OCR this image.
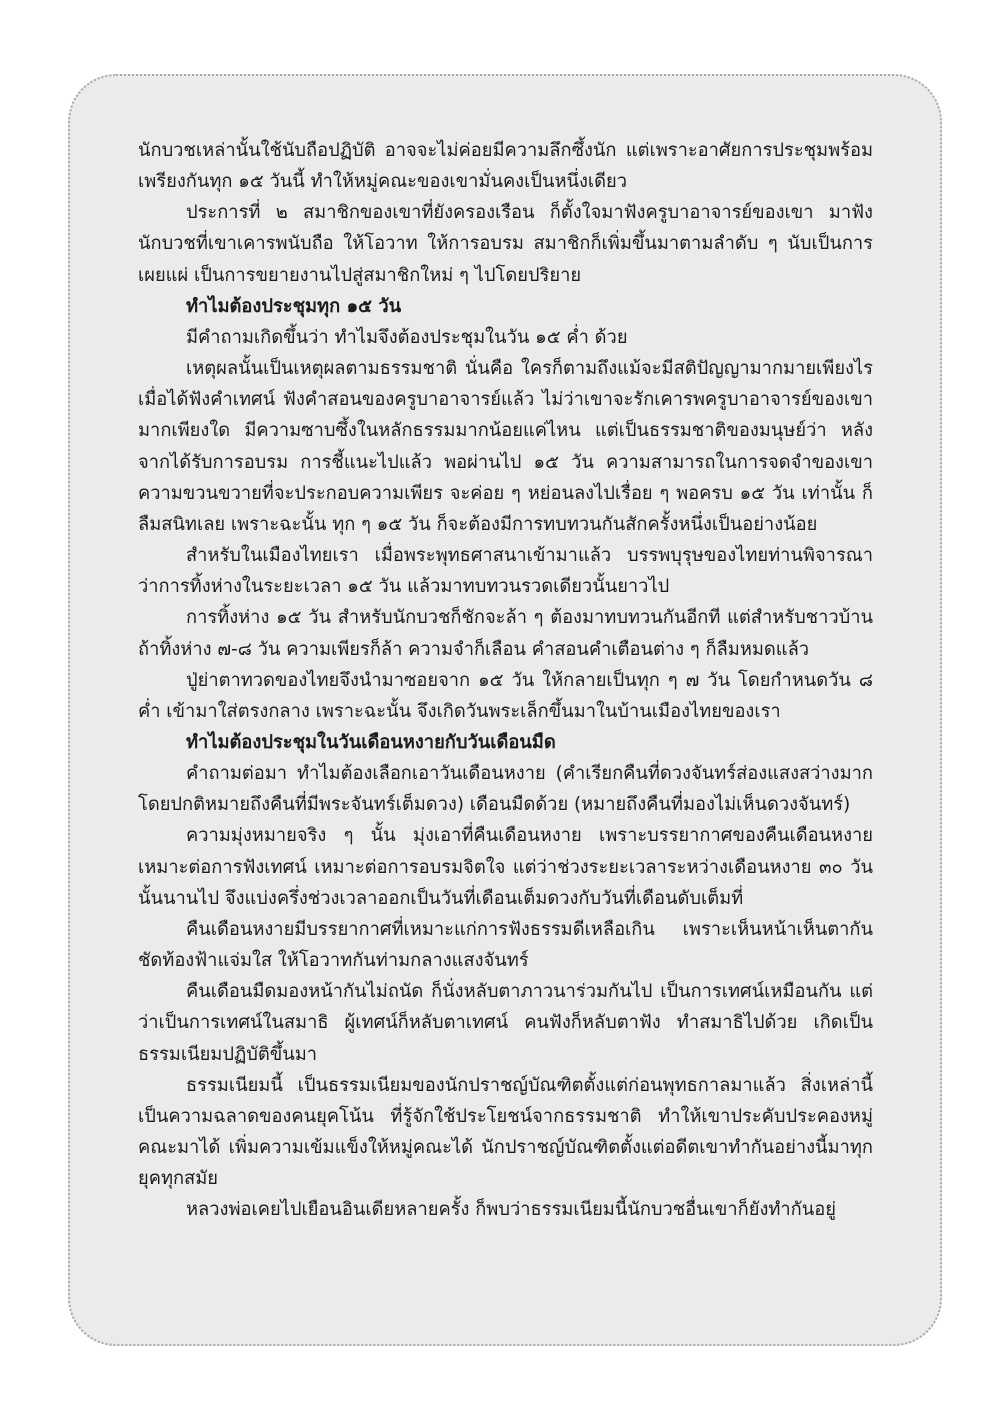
นักบวชเหล่านั้นใช้นับถือปฏิบัติ อาจจะไม่ค่อยมีความลึกซึ้งนัก แต่เพราะอาศัยการประชุมพร้อมเพรียงกันทุก ๑๕ วันนี้ ทำให้หมู่คณะของเขามั่นคงเป็นหนึ่งเดียว

ประการที่ ๒ สมาชิกของเขาที่ยังครองเรือน ก็ตั้งใจมาฟังครูบาอาจารย์ของเขา มาฟังนักบวชที่เขาเคารพนับถือ ให้โอวาท ให้การอบรม สมาชิกก็เพิ่มขึ้นมาตามลำดับ ๆ นับเป็นการเผยแผ่ เป็นการขยายงานไปสู่สมาชิกใหม่ ๆ ไปโดยปริยาย

ทำไมต้องประชุมทุก ๑๕ วัน

มีคำถามเกิดขึ้นว่า ทำไมจึงต้องประชุมในวัน ๑๕ ค่ำ ด้วย

เหตุผลนั้นเป็นเหตุผลตามธรรมชาติ นั่นคือ ใครก็ตามถึงแม้จะมีสติปัญญามากมายเพียงไรเมื่อได้ฟังคำเทศน์ ฟังคำสอนของครูบาอาจารย์แล้ว ไม่ว่าเขาจะรักเคารพครูบาอาจารย์ของเขามากเพียงใด มีความซาบซึ้งในหลักธรรมมากน้อยแค่ไหน แต่เป็นธรรมชาติของมนุษย์ว่า หลังจากได้รับการอบรม การชี้แนะไปแล้ว พอผ่านไป ๑๕ วัน ความสามารถในการจดจำของเขา ความขวนขวายที่จะประกอบความเพียร จะค่อย ๆ หย่อนลงไปเรื่อย ๆ พอครบ ๑๕ วัน เท่านั้น ก็ลืมสนิทเลย เพราะฉะนั้น ทุก ๆ ๑๕ วัน ก็จะต้องมีการทบทวนกันสักครั้งหนึ่งเป็นอย่างน้อย

สำหรับในเมืองไทยเรา เมื่อพระพุทธศาสนาเข้ามาแล้ว บรรพบุรุษของไทยท่านพิจารณาว่าการทิ้งห่างในระยะเวลา ๑๕ วัน แล้วมาทบทวนรวดเดียวนั้นยาวไป

การทิ้งห่าง ๑๕ วัน สำหรับนักบวชก็ชักจะล้า ๆ ต้องมาทบทวนกันอีกที แต่สำหรับชาวบ้านถ้าทิ้งห่าง ๗-๘ วัน ความเพียรก็ล้า ความจำก็เลือน คำสอนคำเตือนต่าง ๆ ก็ลืมหมดแล้ว

ปู่ย่าตาทวดของไทยจึงนำมาซอยจาก ๑๕ วัน ให้กลายเป็นทุก ๆ ๗ วัน โดยกำหนดวัน ๘ ค่ำ เข้ามาใส่ตรงกลาง เพราะฉะนั้น จึงเกิดวันพระเล็กขึ้นมาในบ้านเมืองไทยของเรา

ทำไมต้องประชุมในวันเดือนหงายกับวันเดือนมืด

คำถามต่อมา ทำไมต้องเลือกเอาวันเดือนหงาย (คำเรียกคืนที่ดวงจันทร์ส่องแสงสว่างมากโดยปกติหมายถึงคืนที่มีพระจันทร์เต็มดวง) เดือนมืดด้วย (หมายถึงคืนที่มองไม่เห็นดวงจันทร์)

ความมุ่งหมายจริง ๆ นั้น มุ่งเอาที่คืนเดือนหงาย เพราะบรรยากาศของคืนเดือนหงายเหมาะต่อการฟังเทศน์ เหมาะต่อการอบรมจิตใจ แต่ว่าช่วงระยะเวลาระหว่างเดือนหงาย ๓๐ วันนั้นนานไป จึงแบ่งครึ่งช่วงเวลาออกเป็นวันที่เดือนเต็มดวงกับวันที่เดือนดับเต็มที่

คืนเดือนหงายมีบรรยากาศที่เหมาะแก่การฟังธรรมดีเหลือเกิน เพราะเห็นหน้าเห็นตากันชัดท้องฟ้าแจ่มใส ให้โอวาทกันท่ามกลางแสงจันทร์

คืนเดือนมืดมองหน้ากันไม่ถนัด ก็นั่งหลับตาภาวนาร่วมกันไป เป็นการเทศน์เหมือนกัน แต่ว่าเป็นการเทศน์ในสมาธิ ผู้เทศน์ก็หลับตาเทศน์ คนฟังก็หลับตาฟัง ทำสมาธิไปด้วย เกิดเป็นธรรมเนียมปฏิบัติขึ้นมา

ธรรมเนียมนี้ เป็นธรรมเนียมของนักปราชญ์บัณฑิตตั้งแต่ก่อนพุทธกาลมาแล้ว สิ่งเหล่านี้เป็นความฉลาดของคนยุคโน้น ที่รู้จักใช้ประโยชน์จากธรรมชาติ ทำให้เขาประคับประคองหมู่คณะมาได้ เพิ่มความเข้มแข็งให้หมู่คณะได้ นักปราชญ์บัณฑิตตั้งแต่อดีตเขาทำกันอย่างนี้มาทุกยุคทุกสมัย

หลวงพ่อเคยไปเยือนอินเดียหลายครั้ง ก็พบว่าธรรมเนียมนี้นักบวชอื่นเขาก็ยังทำกันอยู่
